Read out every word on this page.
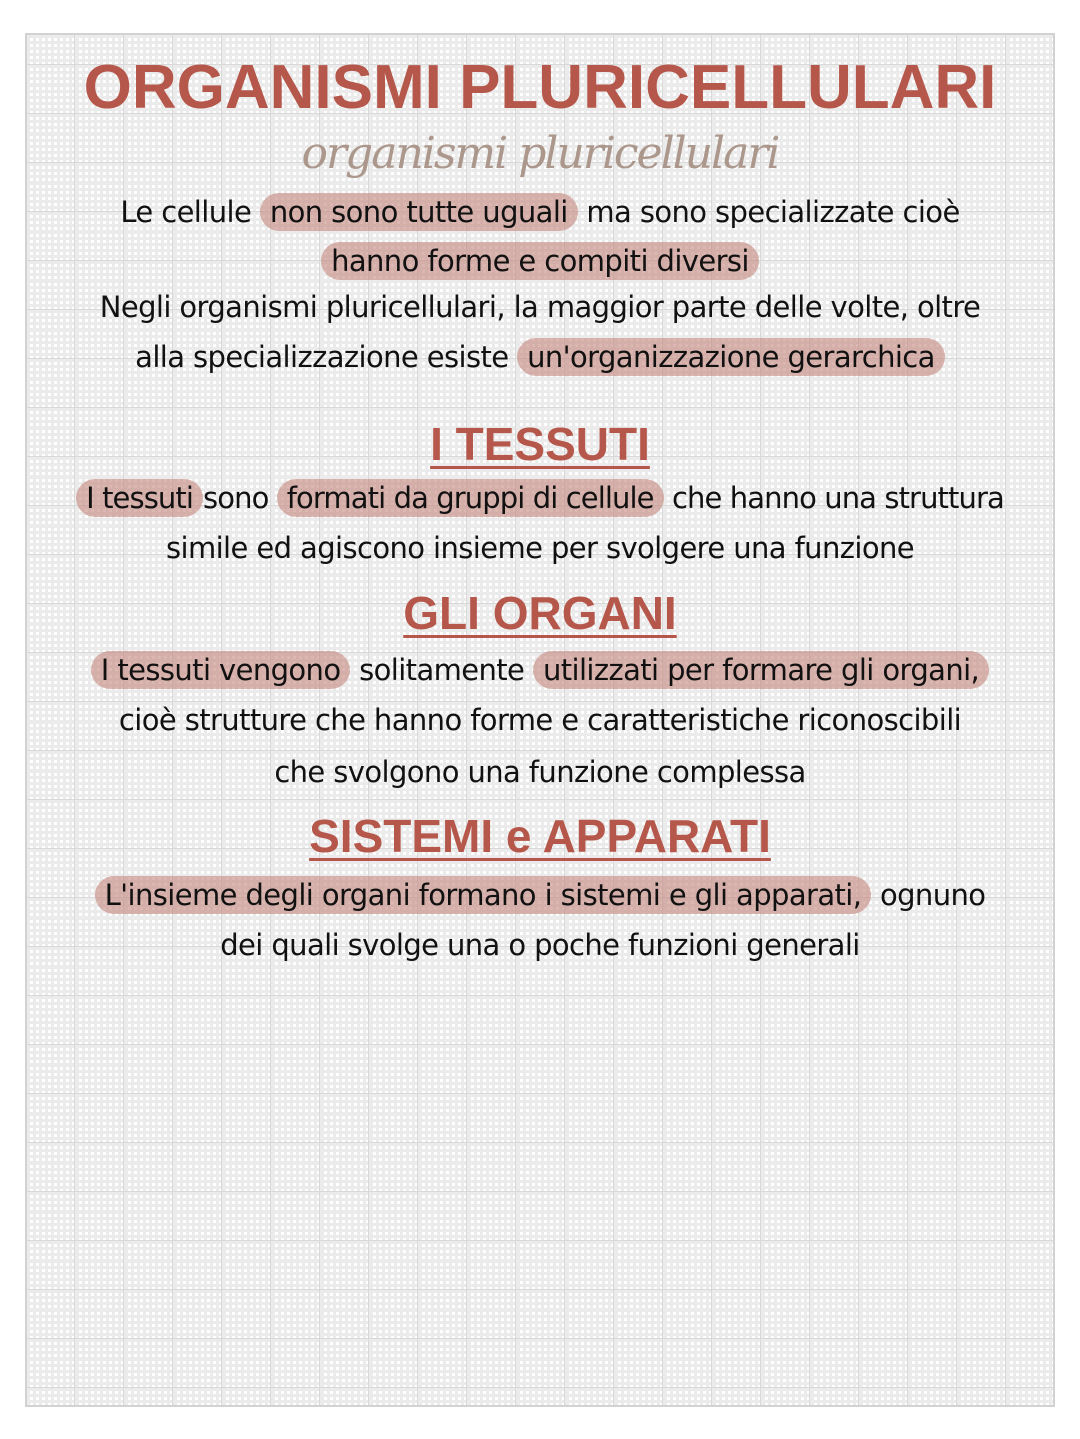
ORGANISMI PLURICELLULARI
organismi pluricellulari
Le cellule non sono tutte uguali ma sono specializzate cioè
hanno forme e compiti diversi
Negli organismi pluricellulari, la maggior parte delle volte, oltre
alla specializzazione esiste un'organizzazione gerarchica
I TESSUTI
I tessuti sono formati da gruppi di cellule che hanno una struttura
simile ed agiscono insieme per svolgere una funzione
GLI ORGANI
I tessuti vengono solitamente utilizzati per formare gli organi,
cioè strutture che hanno forme e caratteristiche riconoscibili
che svolgono una funzione complessa
SISTEMI e APPARATI
L'insieme degli organi formano i sistemi e gli apparati, ognuno
dei quali svolge una o poche funzioni generali
